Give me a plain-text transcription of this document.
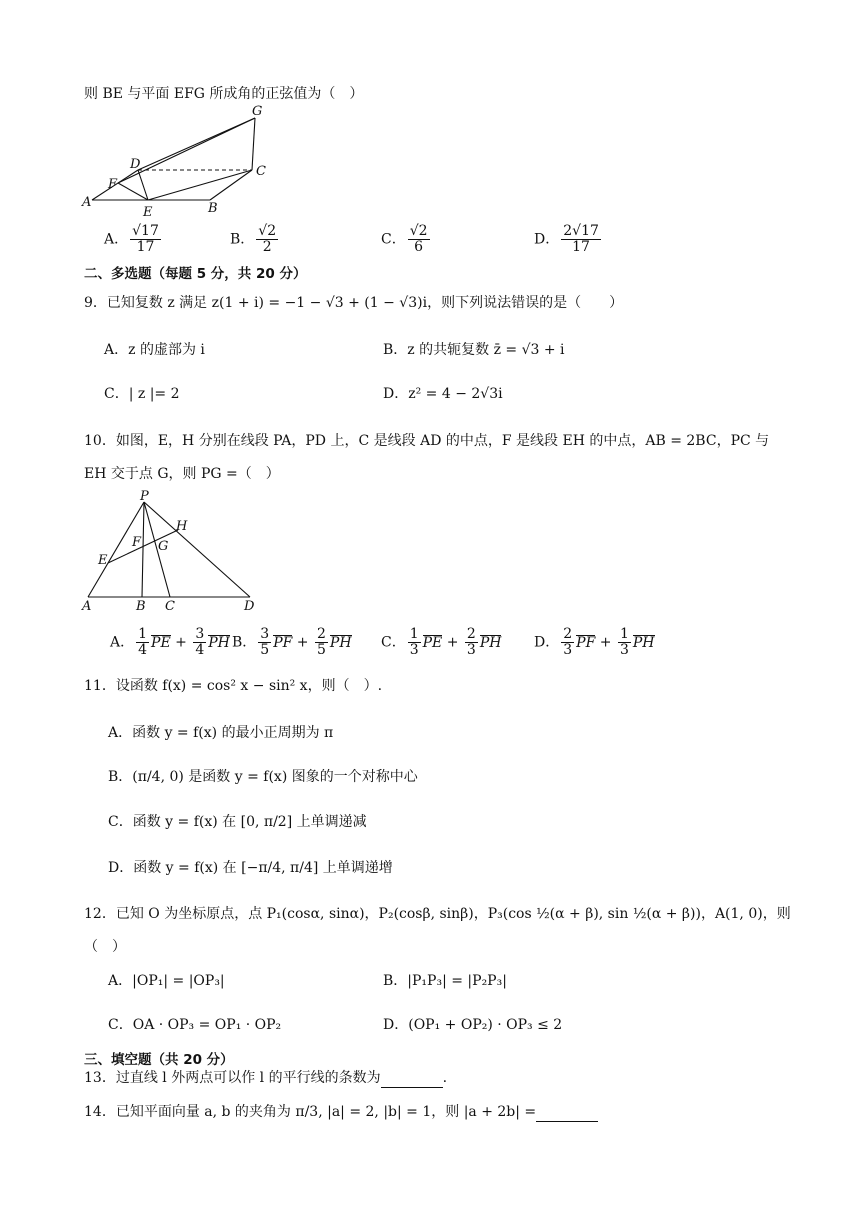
则 BE 与平面 EFG 所成角的正弦值为（　）
G
D	C
F
A
E	B
A． $\frac{√17}{17}$	B． $\frac{√2}{2}$	C． $\frac{√2}{6}$	D． $\frac{2√17}{17}$
二、多选题（每题 5 分，共 20 分）
9．已知复数 z 满足 z(1 + i) = −1 − √3 + (1 − √3)i，则下列说法错误的是（　　）
A．z 的虚部为 i	B．z 的共轭复数 z̄ = √3 + i
C．| z |= 2	D．z² = 4 − 2√3i
10．如图，E，H 分别在线段 PA，PD 上，C 是线段 AD 的中点，F 是线段 EH 的中点，AB = 2BC，PC 与
EH 交于点 G，则 PG =（　）
P
H
F G
E
A	B C	D
A． $\frac{1}{4}$ PE + $\frac{3}{4}$ PH B． $\frac{3}{5}$ PF + $\frac{2}{5}$ PH C． $\frac{1}{3}$ PE + $\frac{2}{3}$ PH D． $\frac{2}{3}$ PF + $\frac{1}{3}$ PH
11．设函数 f(x) = cos² x − sin² x，则（　）.
A．函数 y = f(x) 的最小正周期为 π
B．(π/4, 0) 是函数 y = f(x) 图象的一个对称中心
C．函数 y = f(x) 在 [0, π/2] 上单调递减
D．函数 y = f(x) 在 [−π/4, π/4] 上单调递增
12．已知 O 为坐标原点，点 P₁(cosα, sinα)，P₂(cosβ, sinβ)，P₃(cos ½(α + β), sin ½(α + β))，A(1, 0)，则
（　）
A．|OP₁| = |OP₃|	B．|P₁P₃| = |P₂P₃|
C．OA · OP₃ = OP₁ · OP₂	D．(OP₁ + OP₂) · OP₃ ≤ 2
三、填空题（共 20 分）
13．过直线 l 外两点可以作 l 的平行线的条数为	.
14．已知平面向量 a, b 的夹角为 π/3, |a| = 2, |b| = 1，则 |a + 2b| =
